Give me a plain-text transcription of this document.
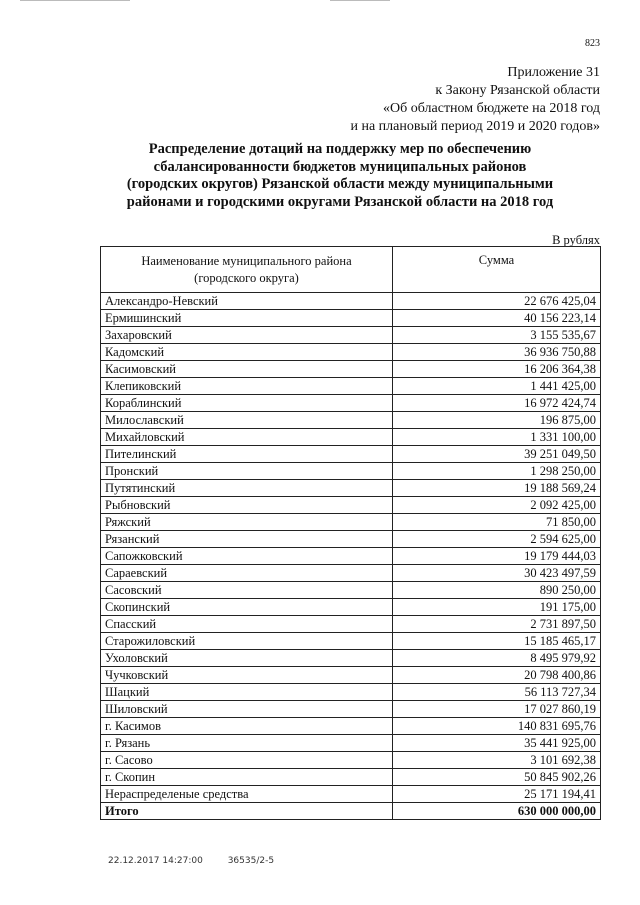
823
Приложение 31
к Закону Рязанской области
«Об областном бюджете на 2018 год
и на плановый период 2019 и 2020 годов»
Распределение дотаций на поддержку мер по обеспечению
сбалансированности бюджетов муниципальных районов
(городских округов) Рязанской области между муниципальными
районами и городскими округами Рязанской области на 2018 год
В рублях
Наименование муниципального района
(городского округа)	Сумма
Александро-Невский	22 676 425,04
Ермишинский	40 156 223,14
Захаровский	3 155 535,67
Кадомский	36 936 750,88
Касимовский	16 206 364,38
Клепиковский	1 441 425,00
Кораблинский	16 972 424,74
Милославский	196 875,00
Михайловский	1 331 100,00
Пителинский	39 251 049,50
Пронский	1 298 250,00
Путятинский	19 188 569,24
Рыбновский	2 092 425,00
Ряжский	71 850,00
Рязанский	2 594 625,00
Сапожковский	19 179 444,03
Сараевский	30 423 497,59
Сасовский	890 250,00
Скопинский	191 175,00
Спасский	2 731 897,50
Старожиловский	15 185 465,17
Ухоловский	8 495 979,92
Чучковский	20 798 400,86
Шацкий	56 113 727,34
Шиловский	17 027 860,19
г. Касимов	140 831 695,76
г. Рязань	35 441 925,00
г. Сасово	3 101 692,38
г. Скопин	50 845 902,26
Нераспределеные средства	25 171 194,41
Итого	630 000 000,00
22.12.2017 14:27:00	36535/2-5
